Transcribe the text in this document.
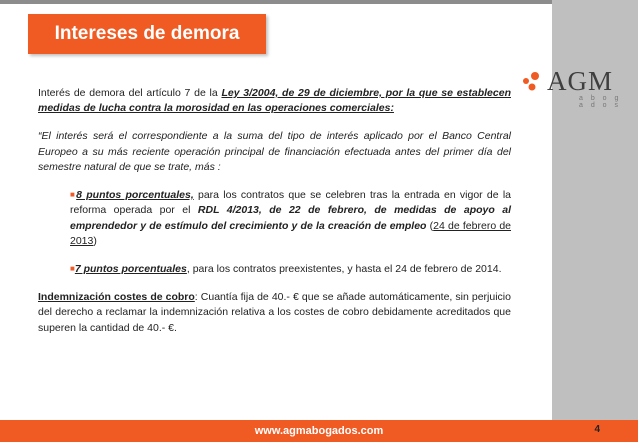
Intereses de demora
AGM
a b o g a d o s

Interés de demora del artículo 7 de la Ley 3/2004, de 29 de diciembre, por la que se establecen medidas de lucha contra la morosidad en las operaciones comerciales:

“El interés será el correspondiente a la suma del tipo de interés aplicado por el Banco Central Europeo a su más reciente operación principal de financiación efectuada antes del primer día del semestre natural de que se trate, más :

■8 puntos porcentuales, para los contratos que se celebren tras la entrada en vigor de la reforma operada por el RDL 4/2013, de 22 de febrero, de medidas de apoyo al emprendedor y de estímulo del crecimiento y de la creación de empleo (24 de febrero de 2013)

■7 puntos porcentuales, para los contratos preexistentes, y hasta el 24 de febrero de 2014.

Indemnización costes de cobro: Cuantía fija de 40.- € que se añade automáticamente, sin perjuicio del derecho a reclamar la indemnización relativa a los costes de cobro debidamente acreditados que superen la cantidad de 40.- €.

www.agmabogados.com	4
